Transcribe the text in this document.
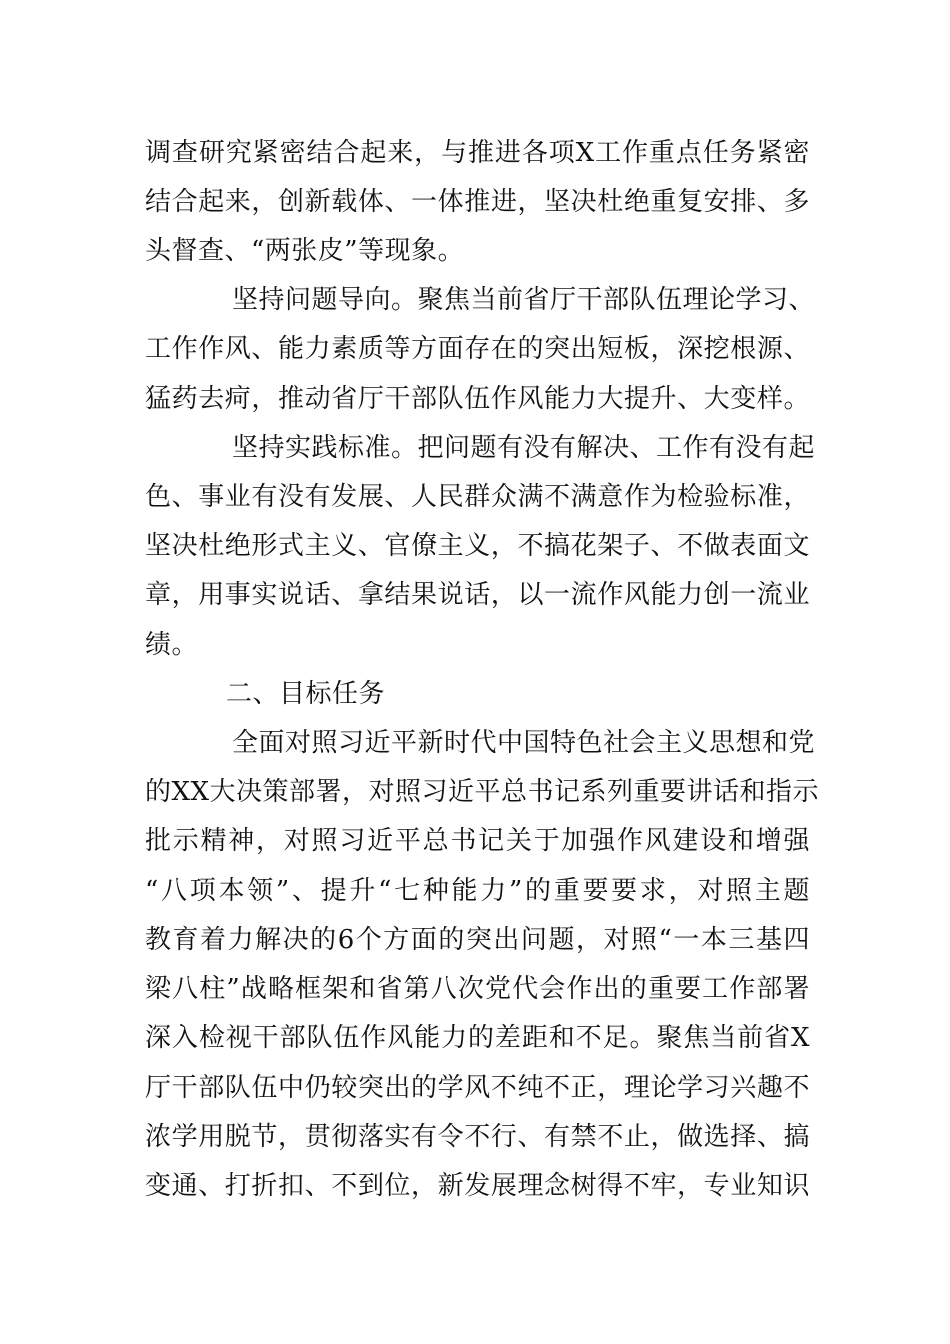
调查研究紧密结合起来，与推进各项X工作重点任务紧密
结合起来，创新载体、一体推进，坚决杜绝重复安排、多
头督查、“两张皮”等现象。
坚持问题导向。聚焦当前省厅干部队伍理论学习、
工作作风、能力素质等方面存在的突出短板，深挖根源、
猛药去疴，推动省厅干部队伍作风能力大提升、大变样。
坚持实践标准。把问题有没有解决、工作有没有起
色、事业有没有发展、人民群众满不满意作为检验标准，
坚决杜绝形式主义、官僚主义，不搞花架子、不做表面文
章，用事实说话、拿结果说话，以一流作风能力创一流业
绩。
二、目标任务
全面对照习近平新时代中国特色社会主义思想和党
的XX大决策部署，对照习近平总书记系列重要讲话和指示
批示精神，对照习近平总书记关于加强作风建设和增强
“八项本领”、提升“七种能力”的重要要求，对照主题
教育着力解决的6个方面的突出问题，对照“一本三基四
梁八柱”战略框架和省第八次党代会作出的重要工作部署
深入检视干部队伍作风能力的差距和不足。聚焦当前省X
厅干部队伍中仍较突出的学风不纯不正，理论学习兴趣不
浓学用脱节，贯彻落实有令不行、有禁不止，做选择、搞
变通、打折扣、不到位，新发展理念树得不牢，专业知识
